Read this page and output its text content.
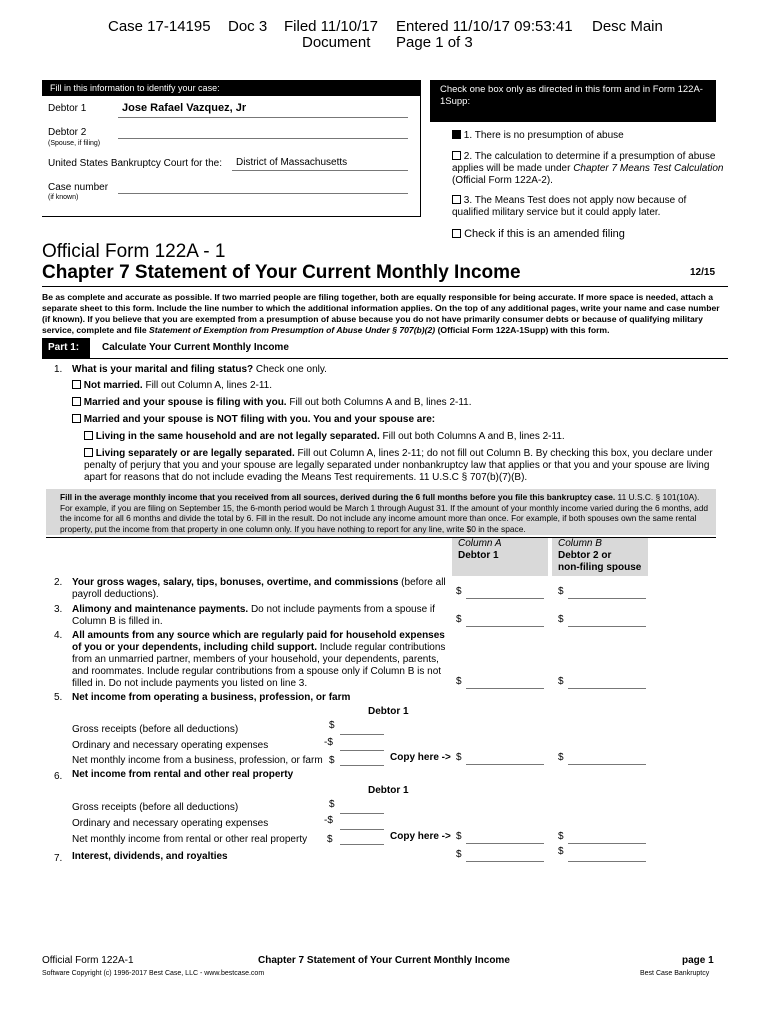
Case 17-14195 Doc 3 Filed 11/10/17 Entered 11/10/17 09:53:41 Desc Main
Document Page 1 of 3
Fill in this information to identify your case:
Debtor 1	Jose Rafael Vazquez, Jr
Debtor 2
(Spouse, if filing)
United States Bankruptcy Court for the: District of Massachusetts
Case number
(if known)
Check one box only as directed in this form and in Form 122A-1Supp:
1. There is no presumption of abuse
2. The calculation to determine if a presumption of abuse applies will be made under Chapter 7 Means Test Calculation (Official Form 122A-2).
3. The Means Test does not apply now because of qualified military service but it could apply later.
Check if this is an amended filing
Official Form 122A - 1
Chapter 7 Statement of Your Current Monthly Income	12/15
Be as complete and accurate as possible. If two married people are filing together, both are equally responsible for being accurate. If more space is needed, attach a separate sheet to this form. Include the line number to which the additional information applies. On the top of any additional pages, write your name and case number (if known). If you believe that you are exempted from a presumption of abuse because you do not have primarily consumer debts or because of qualifying military service, complete and file Statement of Exemption from Presumption of Abuse Under § 707(b)(2) (Official Form 122A-1Supp) with this form.
Part 1: Calculate Your Current Monthly Income
1. What is your marital and filing status? Check one only.
Not married. Fill out Column A, lines 2-11.
Married and your spouse is filing with you. Fill out both Columns A and B, lines 2-11.
Married and your spouse is NOT filing with you. You and your spouse are:
Living in the same household and are not legally separated. Fill out both Columns A and B, lines 2-11.
Living separately or are legally separated. Fill out Column A, lines 2-11; do not fill out Column B. By checking this box, you declare under penalty of perjury that you and your spouse are legally separated under nonbankruptcy law that applies or that you and your spouse are living apart for reasons that do not include evading the Means Test requirements. 11 U.S.C § 707(b)(7)(B).
Fill in the average monthly income that you received from all sources, derived during the 6 full months before you file this bankruptcy case. 11 U.S.C. § 101(10A). For example, if you are filing on September 15, the 6-month period would be March 1 through August 31. If the amount of your monthly income varied during the 6 months, add the income for all 6 months and divide the total by 6. Fill in the result. Do not include any income amount more than once. For example, if both spouses own the same rental property, put the income from that property in one column only. If you have nothing to report for any line, write $0 in the space.
Column A
Debtor 1
Column B
Debtor 2 or
non-filing spouse
2. Your gross wages, salary, tips, bonuses, overtime, and commissions (before all payroll deductions).	$	$
3. Alimony and maintenance payments. Do not include payments from a spouse if Column B is filled in.	$	$
4. All amounts from any source which are regularly paid for household expenses of you or your dependents, including child support. Include regular contributions from an unmarried partner, members of your household, your dependents, parents, and roommates. Include regular contributions from a spouse only if Column B is not filled in. Do not include payments you listed on line 3.	$	$
5. Net income from operating a business, profession, or farm
Debtor 1
Gross receipts (before all deductions)	$
Ordinary and necessary operating expenses	-$
Net monthly income from a business, profession, or farm $	Copy here -> $	$
6. Net income from rental and other real property
Debtor 1
Gross receipts (before all deductions)	$
Ordinary and necessary operating expenses	-$
Net monthly income from rental or other real property $	Copy here -> $	$
7. Interest, dividends, and royalties	$	$
Official Form 122A-1	Chapter 7 Statement of Your Current Monthly Income	page 1
Software Copyright (c) 1996-2017 Best Case, LLC - www.bestcase.com	Best Case Bankruptcy
